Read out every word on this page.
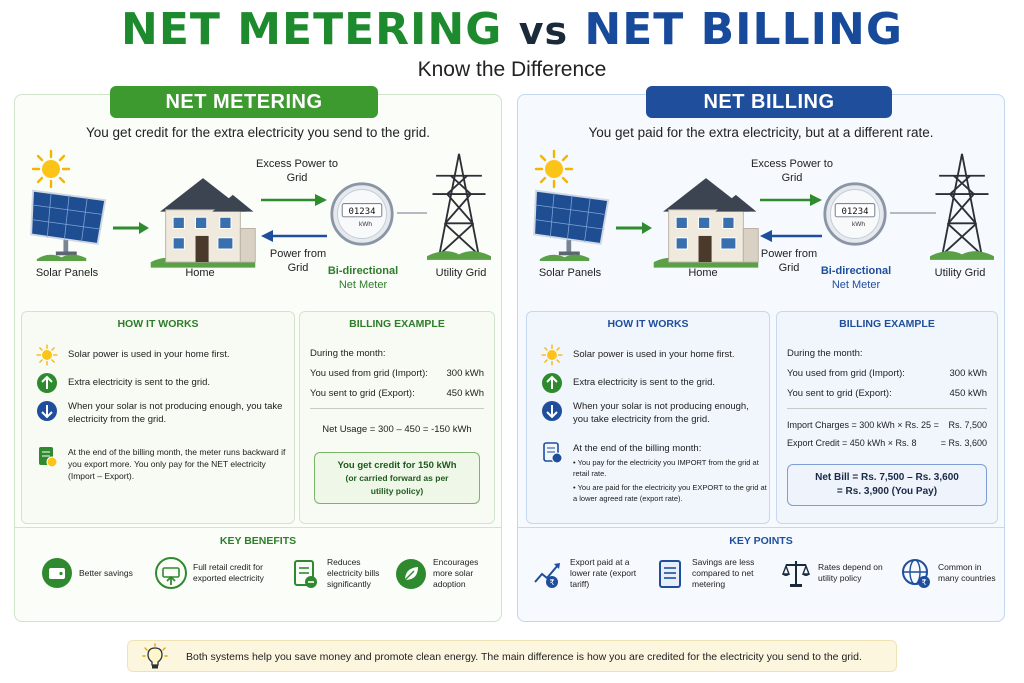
NET METERING vs NET BILLING
Know the Difference
NET METERING
You get credit for the extra electricity you send to the grid.
Solar Panels	Home
Excess Power to Grid
Power from Grid
01234
kWh
Bi-directional
Net Meter
Utility Grid
HOW IT WORKS
Solar power is used in your home first.
Extra electricity is sent to the grid.
When your solar is not producing enough, you take electricity from the grid.
At the end of the billing month, the meter runs backward if you export more. You only pay for the NET electricity (Import – Export).
BILLING EXAMPLE
During the month:
You used from grid (Import): 300 kWh
You sent to grid (Export):	450 kWh
Net Usage = 300 – 450 = -150 kWh
You get credit for 150 kWh
(or carried forward as per
utility policy)
KEY BENEFITS
Better savings
Full retail credit for exported electricity
Reduces electricity bills significantly
Encourages more solar adoption
NET BILLING
You get paid for the extra electricity, but at a different rate.
Solar Panels	Home
Excess Power to Grid
Power from Grid
01234
kWh
Bi-directional
Net Meter
Utility Grid
HOW IT WORKS
Solar power is used in your home first.
Extra electricity is sent to the grid.
When your solar is not producing enough, you take electricity from the grid.
At the end of the billing month:
• You pay for the electricity you IMPORT from the grid at retail rate.
• You are paid for the electricity you EXPORT to the grid at a lower agreed rate (export rate).
BILLING EXAMPLE
During the month:
You used from grid (Import):	300 kWh
You sent to grid (Export):	450 kWh
Import Charges = 300 kWh × Rs. 25 = Rs. 7,500
Export Credit = 450 kWh × Rs. 8	= Rs. 3,600
Net Bill = Rs. 7,500 – Rs. 3,600
= Rs. 3,900 (You Pay)
KEY POINTS
₹
Export paid at a lower rate (export tariff)
Savings are less compared to net metering
Rates depend on utility policy	₹
Common in many countries
Both systems help you save money and promote clean energy. The main difference is how you are credited for the electricity you send to the grid.
